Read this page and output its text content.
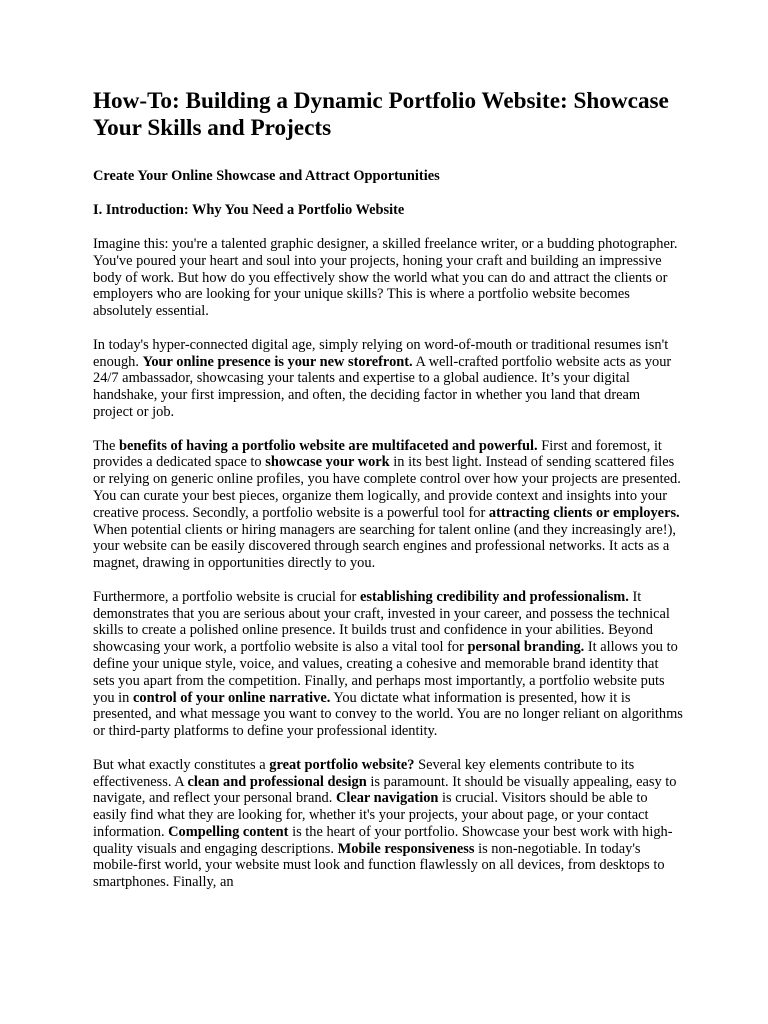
How-To: Building a Dynamic Portfolio Website: Showcase Your Skills and Projects
Create Your Online Showcase and Attract Opportunities
I. Introduction: Why You Need a Portfolio Website

Imagine this: you're a talented graphic designer, a skilled freelance writer, or a budding photographer. You've poured your heart and soul into your projects, honing your craft and building an impressive body of work. But how do you effectively show the world what you can do and attract the clients or employers who are looking for your unique skills? This is where a portfolio website becomes absolutely essential.

In today's hyper-connected digital age, simply relying on word-of-mouth or traditional resumes isn't enough. Your online presence is your new storefront. A well-crafted portfolio website acts as your 24/7 ambassador, showcasing your talents and expertise to a global audience. It’s your digital handshake, your first impression, and often, the deciding factor in whether you land that dream project or job.

The benefits of having a portfolio website are multifaceted and powerful. First and foremost, it provides a dedicated space to showcase your work in its best light. Instead of sending scattered files or relying on generic online profiles, you have complete control over how your projects are presented. You can curate your best pieces, organize them logically, and provide context and insights into your creative process. Secondly, a portfolio website is a powerful tool for attracting clients or employers. When potential clients or hiring managers are searching for talent online (and they increasingly are!), your website can be easily discovered through search engines and professional networks. It acts as a magnet, drawing in opportunities directly to you.

Furthermore, a portfolio website is crucial for establishing credibility and professionalism. It demonstrates that you are serious about your craft, invested in your career, and possess the technical skills to create a polished online presence. It builds trust and confidence in your abilities. Beyond showcasing your work, a portfolio website is also a vital tool for personal branding. It allows you to define your unique style, voice, and values, creating a cohesive and memorable brand identity that sets you apart from the competition. Finally, and perhaps most importantly, a portfolio website puts you in control of your online narrative. You dictate what information is presented, how it is presented, and what message you want to convey to the world. You are no longer reliant on algorithms or third-party platforms to define your professional identity.

But what exactly constitutes a great portfolio website? Several key elements contribute to its effectiveness. A clean and professional design is paramount. It should be visually appealing, easy to navigate, and reflect your personal brand. Clear navigation is crucial. Visitors should be able to easily find what they are looking for, whether it's your projects, your about page, or your contact information. Compelling content is the heart of your portfolio. Showcase your best work with high-quality visuals and engaging descriptions. Mobile responsiveness is non-negotiable. In today's mobile-first world, your website must look and function flawlessly on all devices, from desktops to smartphones. Finally, an
